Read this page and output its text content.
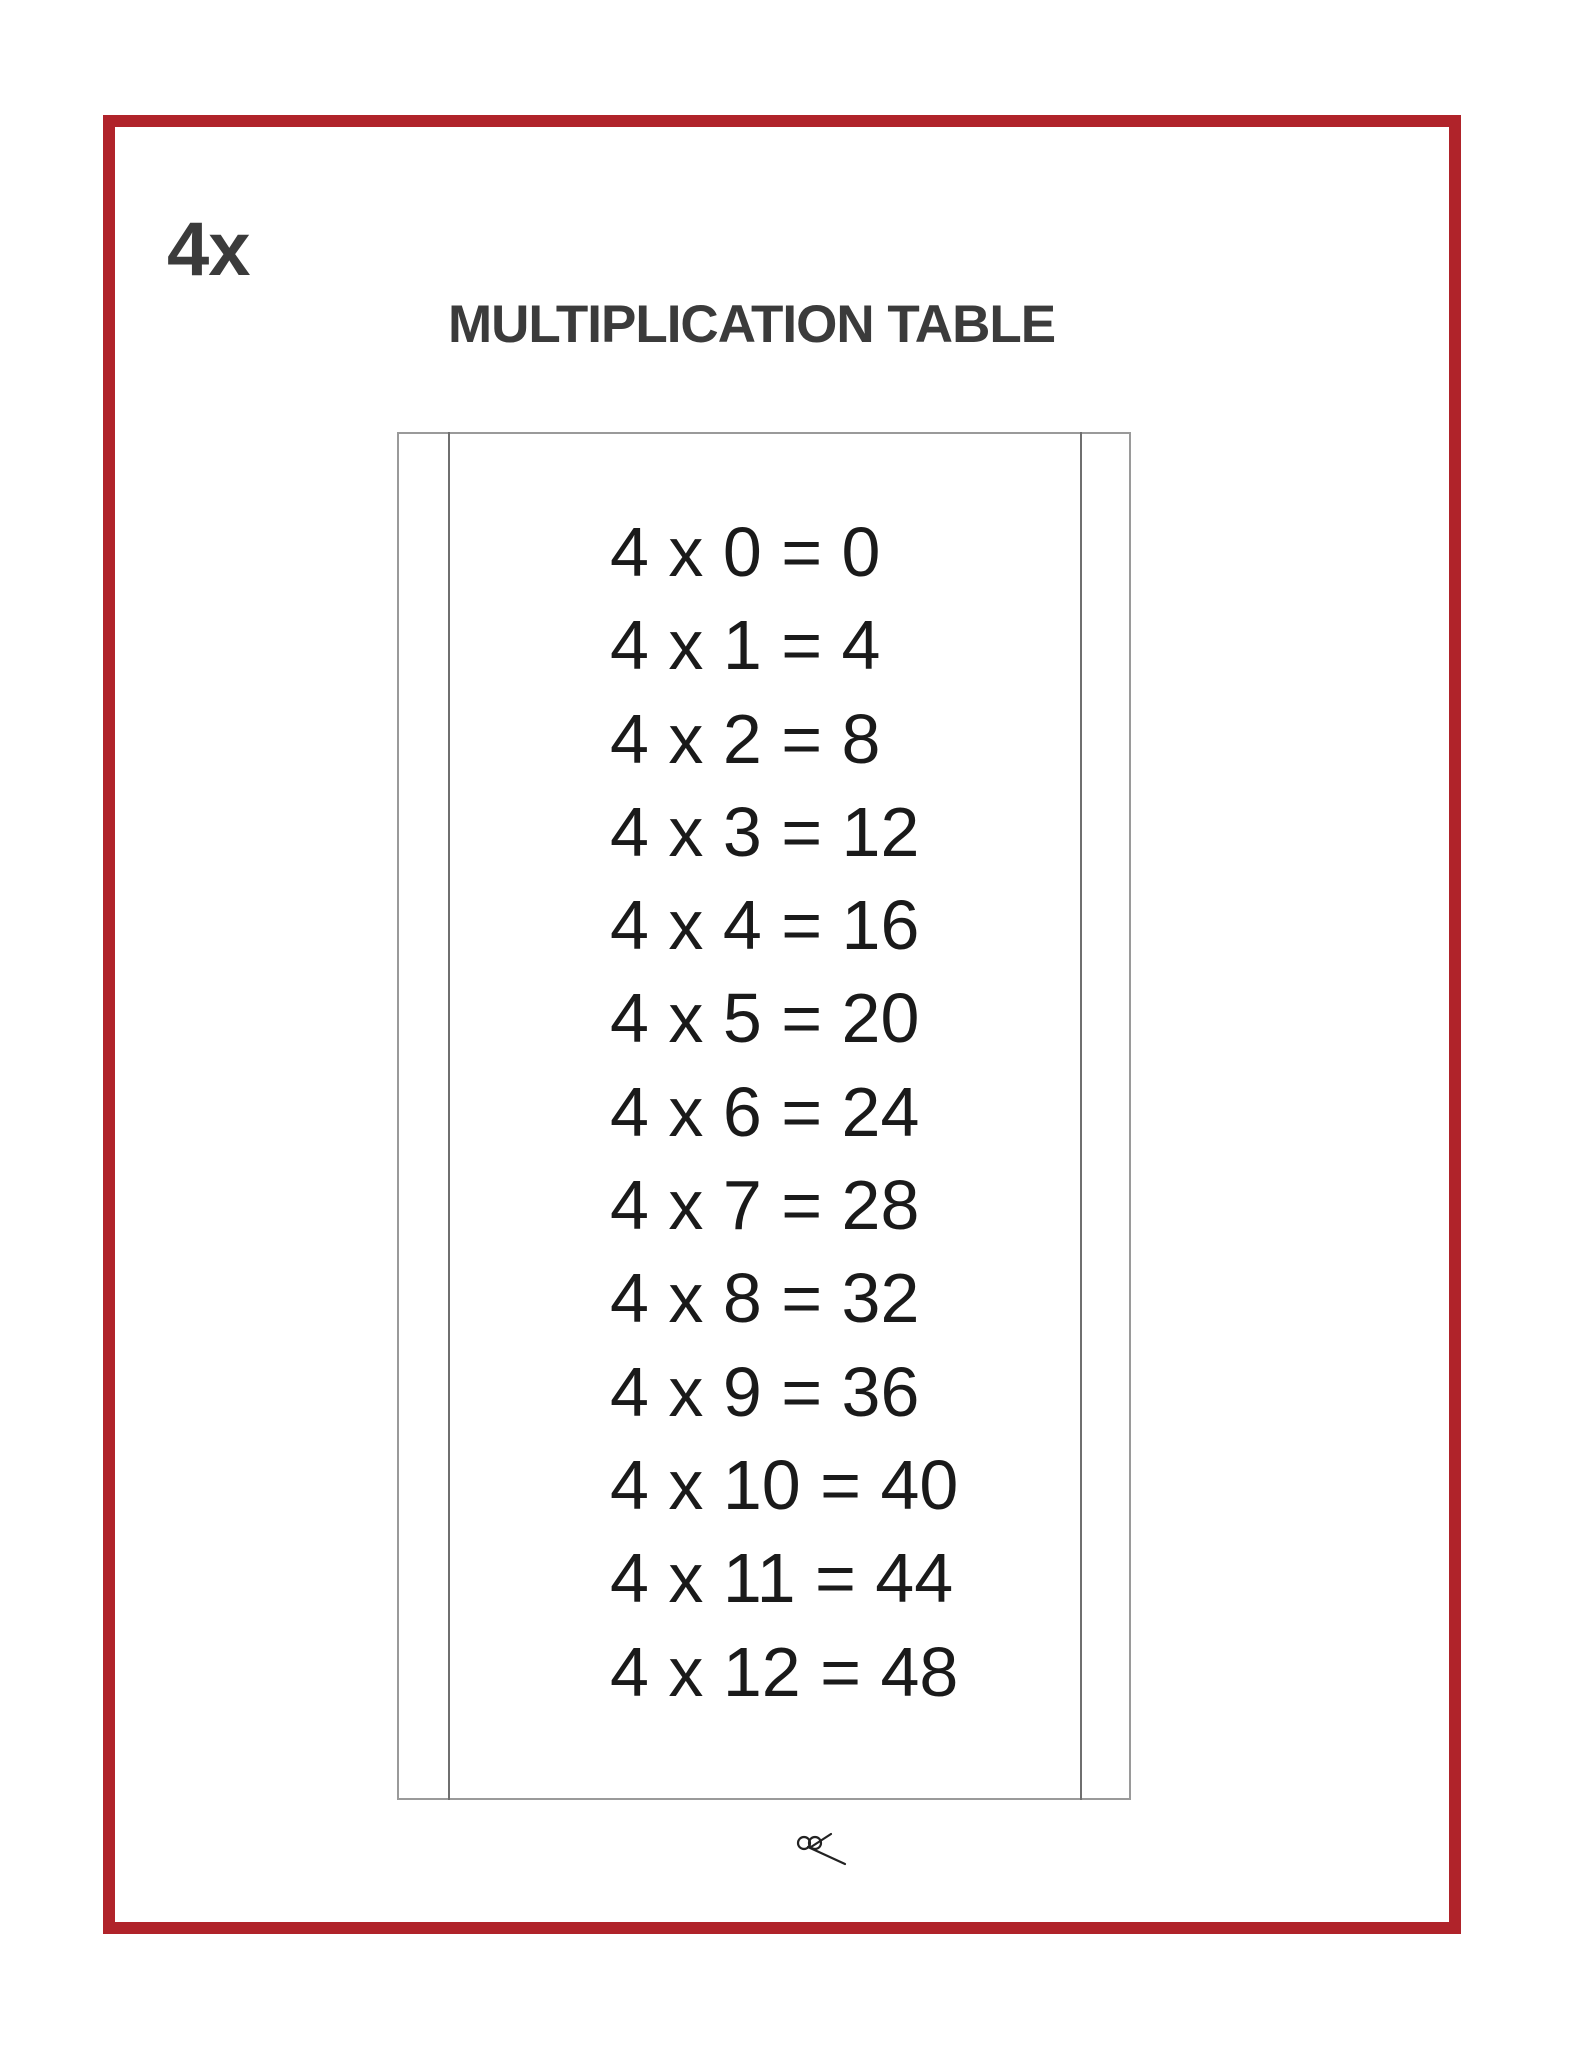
4x
MULTIPLICATION TABLE
4 x 0 = 0
4 x 1 = 4
4 x 2 = 8
4 x 3 = 12
4 x 4 = 16
4 x 5 = 20
4 x 6 = 24
4 x 7 = 28
4 x 8 = 32
4 x 9 = 36
4 x 10 = 40
4 x 11 = 44
4 x 12 = 48
